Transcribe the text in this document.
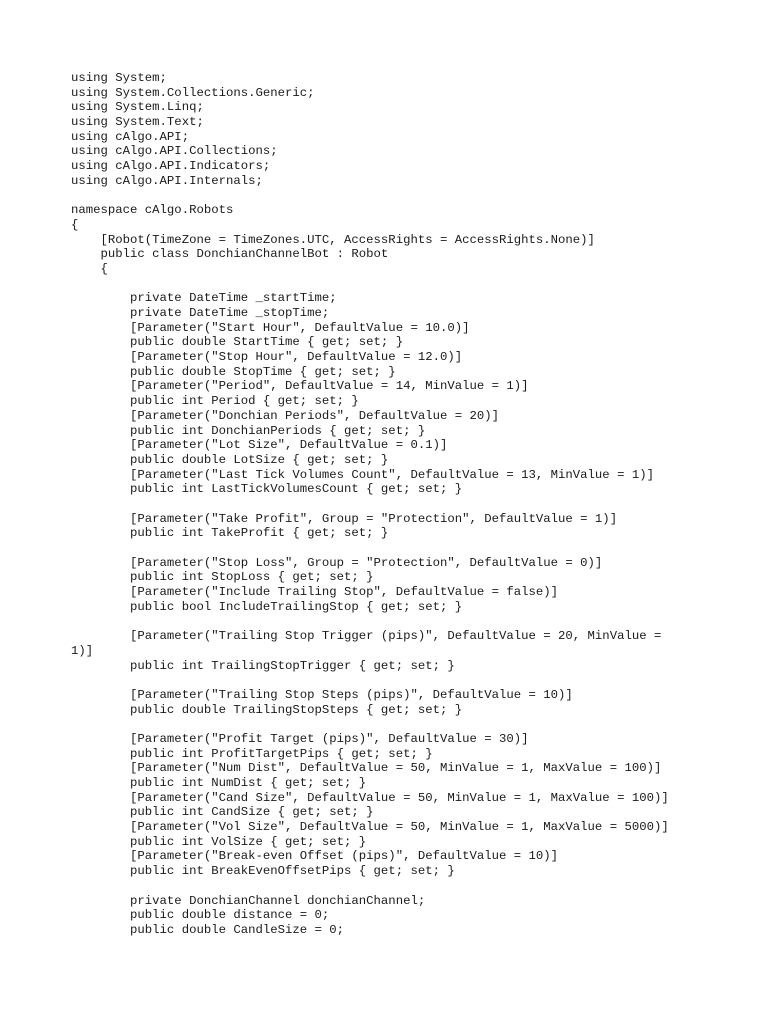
using System;
using System.Collections.Generic;
using System.Linq;
using System.Text;
using cAlgo.API;
using cAlgo.API.Collections;
using cAlgo.API.Indicators;
using cAlgo.API.Internals;
namespace cAlgo.Robots
{
[Robot(TimeZone = TimeZones.UTC, AccessRights = AccessRights.None)]
public class DonchianChannelBot : Robot
{
private DateTime _startTime;
private DateTime _stopTime;
[Parameter("Start Hour", DefaultValue = 10.0)]
public double StartTime { get; set; }
[Parameter("Stop Hour", DefaultValue = 12.0)]
public double StopTime { get; set; }
[Parameter("Period", DefaultValue = 14, MinValue = 1)]
public int Period { get; set; }
[Parameter("Donchian Periods", DefaultValue = 20)]
public int DonchianPeriods { get; set; }
[Parameter("Lot Size", DefaultValue = 0.1)]
public double LotSize { get; set; }
[Parameter("Last Tick Volumes Count", DefaultValue = 13, MinValue = 1)]
public int LastTickVolumesCount { get; set; }
[Parameter("Take Profit", Group = "Protection", DefaultValue = 1)]
public int TakeProfit { get; set; }
[Parameter("Stop Loss", Group = "Protection", DefaultValue = 0)]
public int StopLoss { get; set; }
[Parameter("Include Trailing Stop", DefaultValue = false)]
public bool IncludeTrailingStop { get; set; }
[Parameter("Trailing Stop Trigger (pips)", DefaultValue = 20, MinValue =
1)]
public int TrailingStopTrigger { get; set; }
[Parameter("Trailing Stop Steps (pips)", DefaultValue = 10)]
public double TrailingStopSteps { get; set; }
[Parameter("Profit Target (pips)", DefaultValue = 30)]
public int ProfitTargetPips { get; set; }
[Parameter("Num Dist", DefaultValue = 50, MinValue = 1, MaxValue = 100)]
public int NumDist { get; set; }
[Parameter("Cand Size", DefaultValue = 50, MinValue = 1, MaxValue = 100)]
public int CandSize { get; set; }
[Parameter("Vol Size", DefaultValue = 50, MinValue = 1, MaxValue = 5000)]
public int VolSize { get; set; }
[Parameter("Break-even Offset (pips)", DefaultValue = 10)]
public int BreakEvenOffsetPips { get; set; }
private DonchianChannel donchianChannel;
public double distance = 0;
public double CandleSize = 0;
